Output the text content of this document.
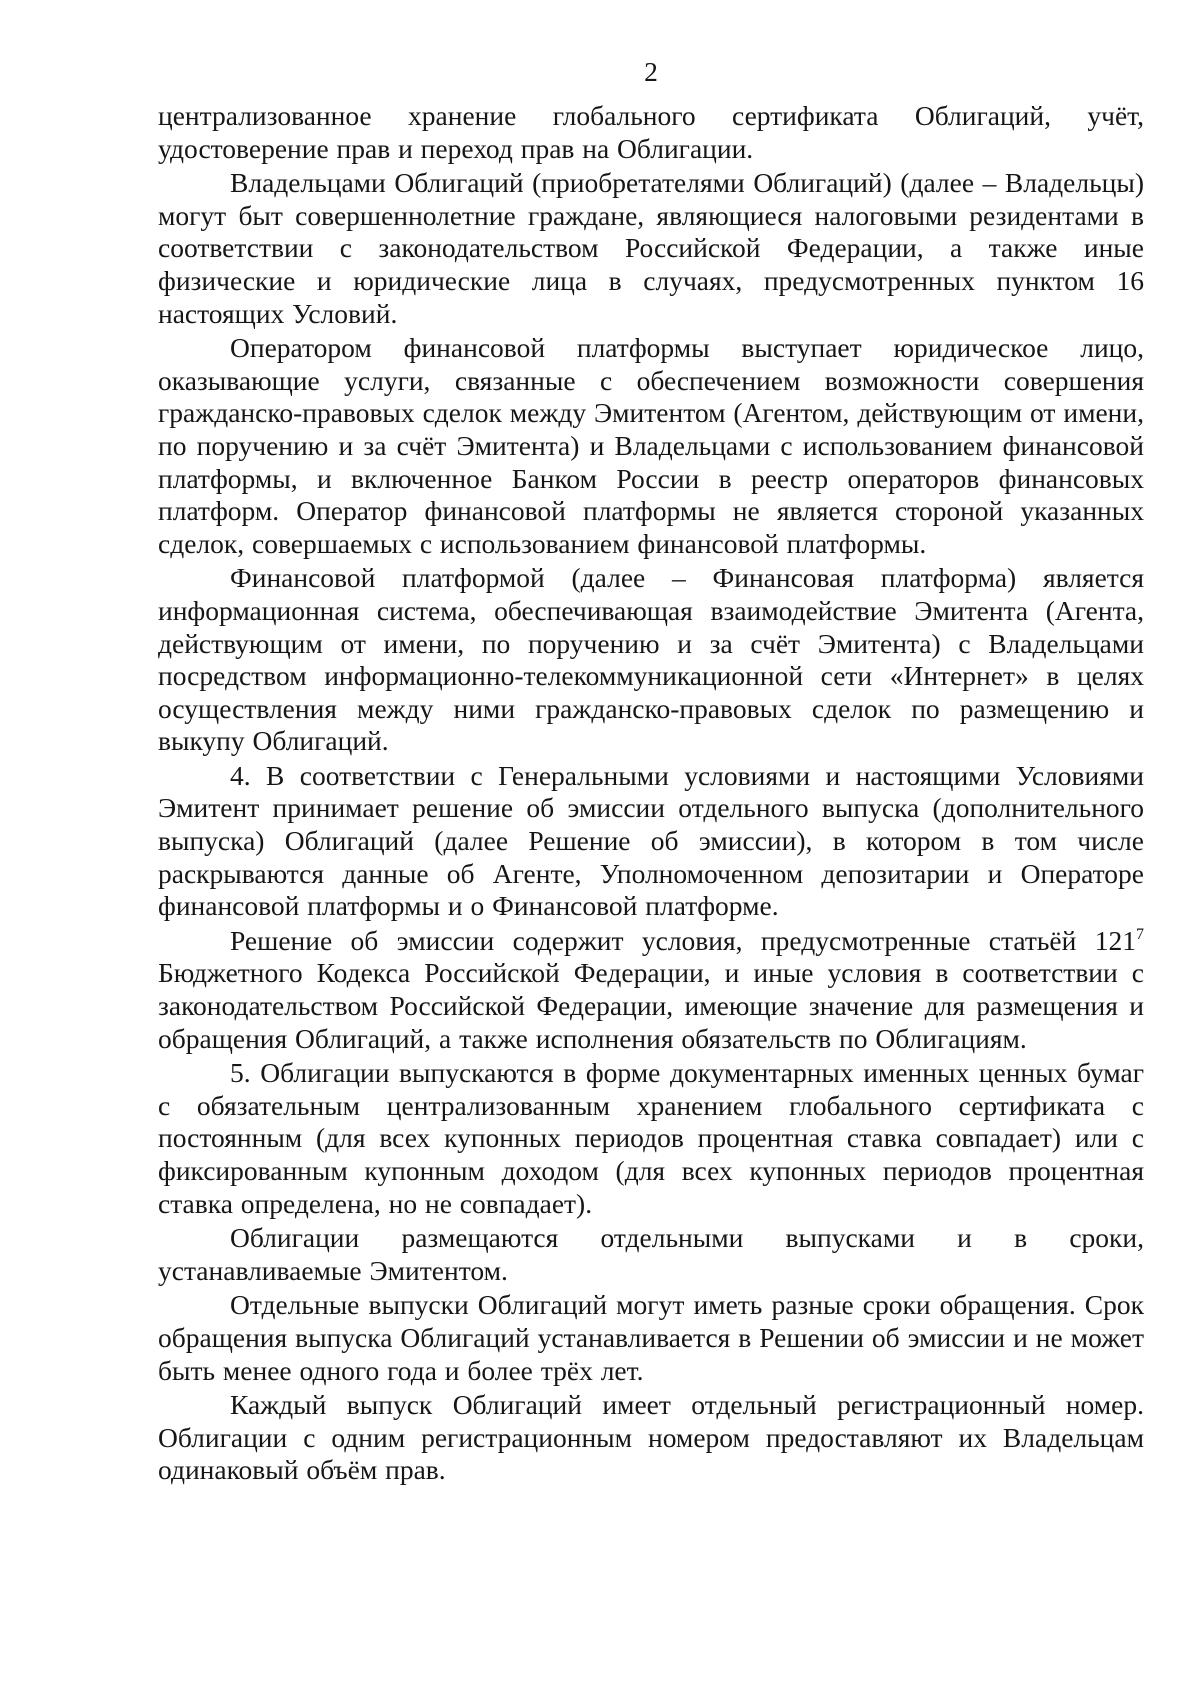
2

централизованное хранение глобального сертификата Облигаций, учёт, удостоверение прав и переход прав на Облигации.

Владельцами Облигаций (приобретателями Облигаций) (далее – Владельцы) могут быт совершеннолетние граждане, являющиеся налоговыми резидентами в соответствии с законодательством Российской Федерации, а также иные физические и юридические лица в случаях, предусмотренных пунктом 16 настоящих Условий.

Оператором финансовой платформы выступает юридическое лицо, оказывающие услуги, связанные с обеспечением возможности совершения гражданско-правовых сделок между Эмитентом (Агентом, действующим от имени, по поручению и за счёт Эмитента) и Владельцами с использованием финансовой платформы, и включенное Банком России в реестр операторов финансовых платформ. Оператор финансовой платформы не является стороной указанных сделок, совершаемых с использованием финансовой платформы.

Финансовой платформой (далее – Финансовая платформа) является информационная система, обеспечивающая взаимодействие Эмитента (Агента, действующим от имени, по поручению и за счёт Эмитента) с Владельцами посредством информационно-телекоммуникационной сети «Интернет» в целях осуществления между ними гражданско-правовых сделок по размещению и выкупу Облигаций.

4. В соответствии с Генеральными условиями и настоящими Условиями Эмитент принимает решение об эмиссии отдельного выпуска (дополнительного выпуска) Облигаций (далее Решение об эмиссии), в котором в том числе раскрываются данные об Агенте, Уполномоченном депозитарии и Операторе финансовой платформы и о Финансовой платформе.

Решение об эмиссии содержит условия, предусмотренные статьёй $121^7$ Бюджетного Кодекса Российской Федерации, и иные условия в соответствии с законодательством Российской Федерации, имеющие значение для размещения и обращения Облигаций, а также исполнения обязательств по Облигациям.

5. Облигации выпускаются в форме документарных именных ценных бумаг с обязательным централизованным хранением глобального сертификата с постоянным (для всех купонных периодов процентная ставка совпадает) или с фиксированным купонным доходом (для всех купонных периодов процентная ставка определена, но не совпадает).

Облигации размещаются отдельными выпусками и в сроки, устанавливаемые Эмитентом.

Отдельные выпуски Облигаций могут иметь разные сроки обращения. Срок обращения выпуска Облигаций устанавливается в Решении об эмиссии и не может быть менее одного года и более трёх лет.

Каждый выпуск Облигаций имеет отдельный регистрационный номер. Облигации с одним регистрационным номером предоставляют их Владельцам одинаковый объём прав.
